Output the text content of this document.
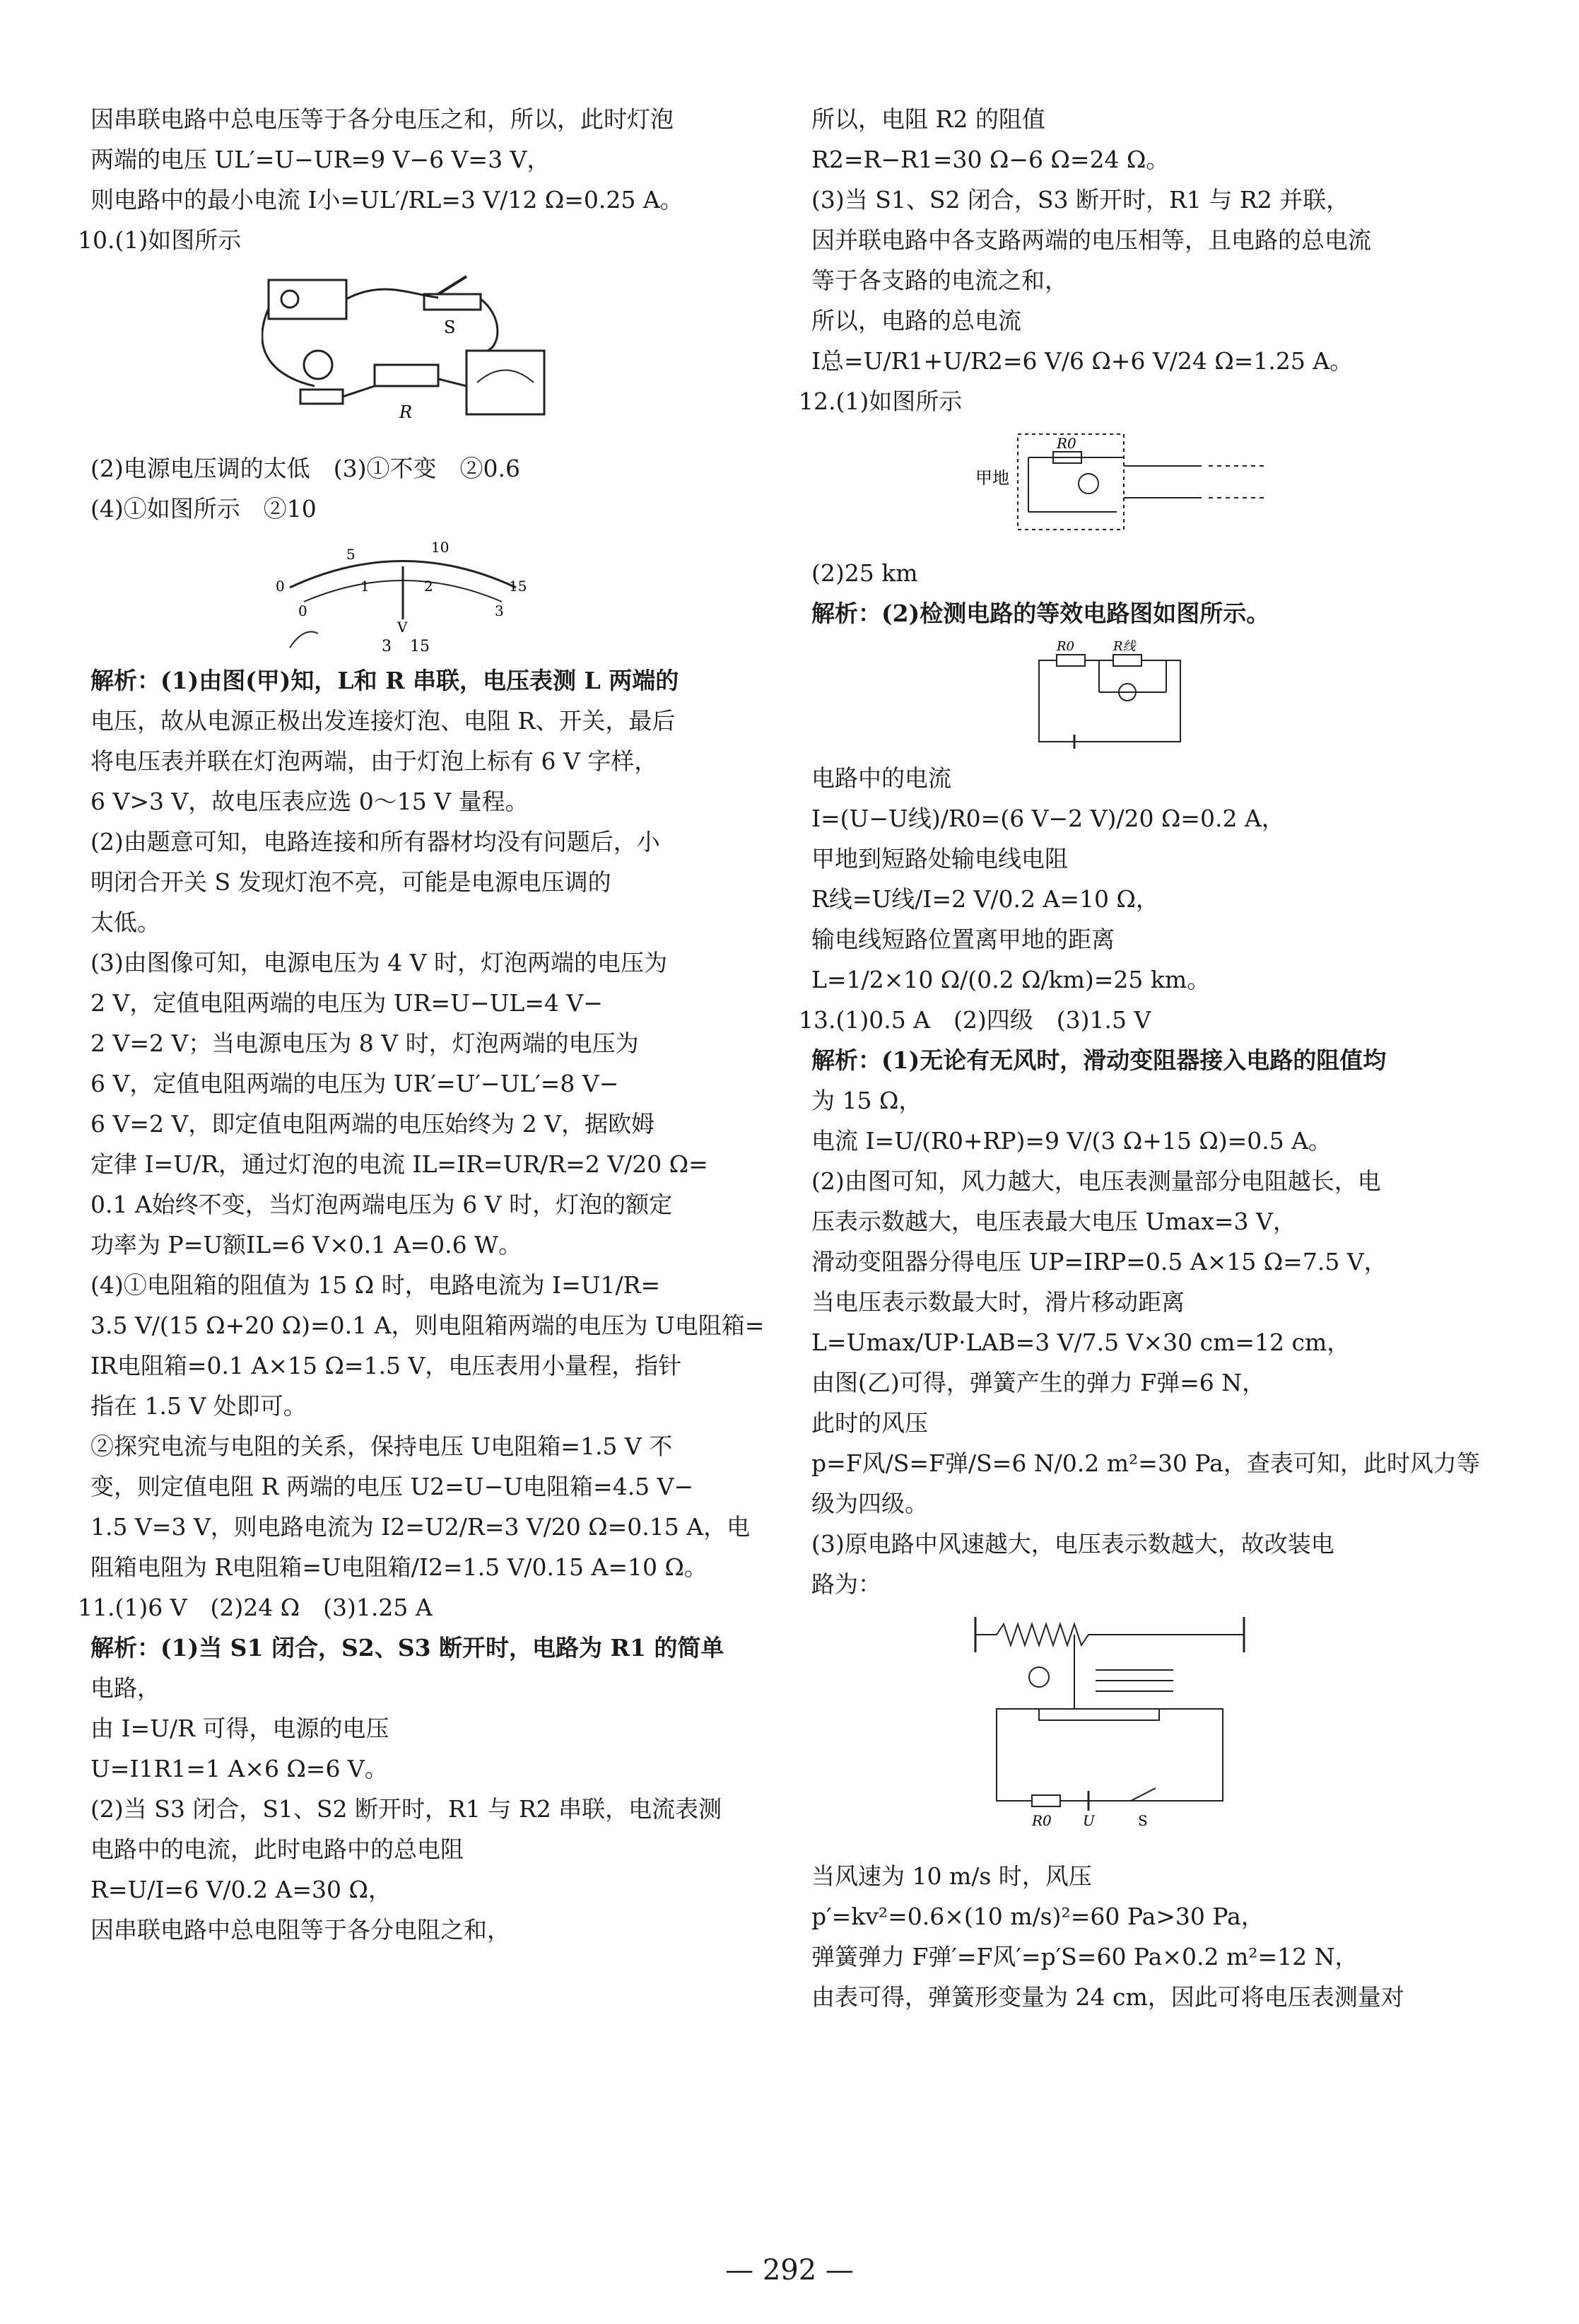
因串联电路中总电压等于各分电压之和，所以，此时灯泡
两端的电压 UL′=U−UR=9 V−6 V=3 V，
则电路中的最小电流 I小=UL′/RL=3 V/12 Ω=0.25 A。
10.(1)如图所示
S
R
(2)电源电压调的太低　(3)①不变　②0.6
(4)①如图所示　②10
0
5	10
15
0
1	2
3
V
3 15
解析：(1)由图(甲)知，L和 R 串联，电压表测 L 两端的
电压，故从电源正极出发连接灯泡、电阻 R、开关，最后
将电压表并联在灯泡两端，由于灯泡上标有 6 V 字样，
6 V>3 V，故电压表应选 0～15 V 量程。
(2)由题意可知，电路连接和所有器材均没有问题后，小
明闭合开关 S 发现灯泡不亮，可能是电源电压调的
太低。
(3)由图像可知，电源电压为 4 V 时，灯泡两端的电压为
2 V，定值电阻两端的电压为 UR=U−UL=4 V−
2 V=2 V；当电源电压为 8 V 时，灯泡两端的电压为
6 V，定值电阻两端的电压为 UR′=U′−UL′=8 V−
6 V=2 V，即定值电阻两端的电压始终为 2 V，据欧姆
定律 I=U/R，通过灯泡的电流 IL=IR=UR/R=2 V/20 Ω=
0.1 A始终不变，当灯泡两端电压为 6 V 时，灯泡的额定
功率为 P=U额IL=6 V×0.1 A=0.6 W。
(4)①电阻箱的阻值为 15 Ω 时，电路电流为 I=U1/R=
3.5 V/(15 Ω+20 Ω)=0.1 A，则电阻箱两端的电压为 U电阻箱=
IR电阻箱=0.1 A×15 Ω=1.5 V，电压表用小量程，指针
指在 1.5 V 处即可。
②探究电流与电阻的关系，保持电压 U电阻箱=1.5 V 不
变，则定值电阻 R 两端的电压 U2=U−U电阻箱=4.5 V−
1.5 V=3 V，则电路电流为 I2=U2/R=3 V/20 Ω=0.15 A，电
阻箱电阻为 R电阻箱=U电阻箱/I2=1.5 V/0.15 A=10 Ω。
11.(1)6 V　(2)24 Ω　(3)1.25 A
解析：(1)当 S1 闭合，S2、S3 断开时，电路为 R1 的简单
电路，
由 I=U/R 可得，电源的电压
U=I1R1=1 A×6 Ω=6 V。
(2)当 S3 闭合，S1、S2 断开时，R1 与 R2 串联，电流表测
电路中的电流，此时电路中的总电阻
R=U/I=6 V/0.2 A=30 Ω，
因串联电路中总电阻等于各分电阻之和，
所以，电阻 R2 的阻值
R2=R−R1=30 Ω−6 Ω=24 Ω。
(3)当 S1、S2 闭合，S3 断开时，R1 与 R2 并联，
因并联电路中各支路两端的电压相等，且电路的总电流
等于各支路的电流之和，
所以，电路的总电流
I总=U/R1+U/R2=6 V/6 Ω+6 V/24 Ω=1.25 A。
12.(1)如图所示
甲地
R0
(2)25 km
解析：(2)检测电路的等效电路图如图所示。
R0	R线
电路中的电流
I=(U−U线)/R0=(6 V−2 V)/20 Ω=0.2 A，
甲地到短路处输电线电阻
R线=U线/I=2 V/0.2 A=10 Ω，
输电线短路位置离甲地的距离
L=1/2×10 Ω/(0.2 Ω/km)=25 km。
13.(1)0.5 A　(2)四级　(3)1.5 V
解析：(1)无论有无风时，滑动变阻器接入电路的阻值均
为 15 Ω，
电流 I=U/(R0+RP)=9 V/(3 Ω+15 Ω)=0.5 A。
(2)由图可知，风力越大，电压表测量部分电阻越长，电
压表示数越大，电压表最大电压 Umax=3 V，
滑动变阻器分得电压 UP=IRP=0.5 A×15 Ω=7.5 V，
当电压表示数最大时，滑片移动距离
L=Umax/UP·LAB=3 V/7.5 V×30 cm=12 cm，
由图(乙)可得，弹簧产生的弹力 F弹=6 N，
此时的风压
p=F风/S=F弹/S=6 N/0.2 m²=30 Pa，查表可知，此时风力等
级为四级。
(3)原电路中风速越大，电压表示数越大，故改装电
路为：
R0 U	S
当风速为 10 m/s 时，风压
p′=kv²=0.6×(10 m/s)²=60 Pa>30 Pa，
弹簧弹力 F弹′=F风′=p′S=60 Pa×0.2 m²=12 N，
由表可得，弹簧形变量为 24 cm，因此可将电压表测量对
— 292 —
